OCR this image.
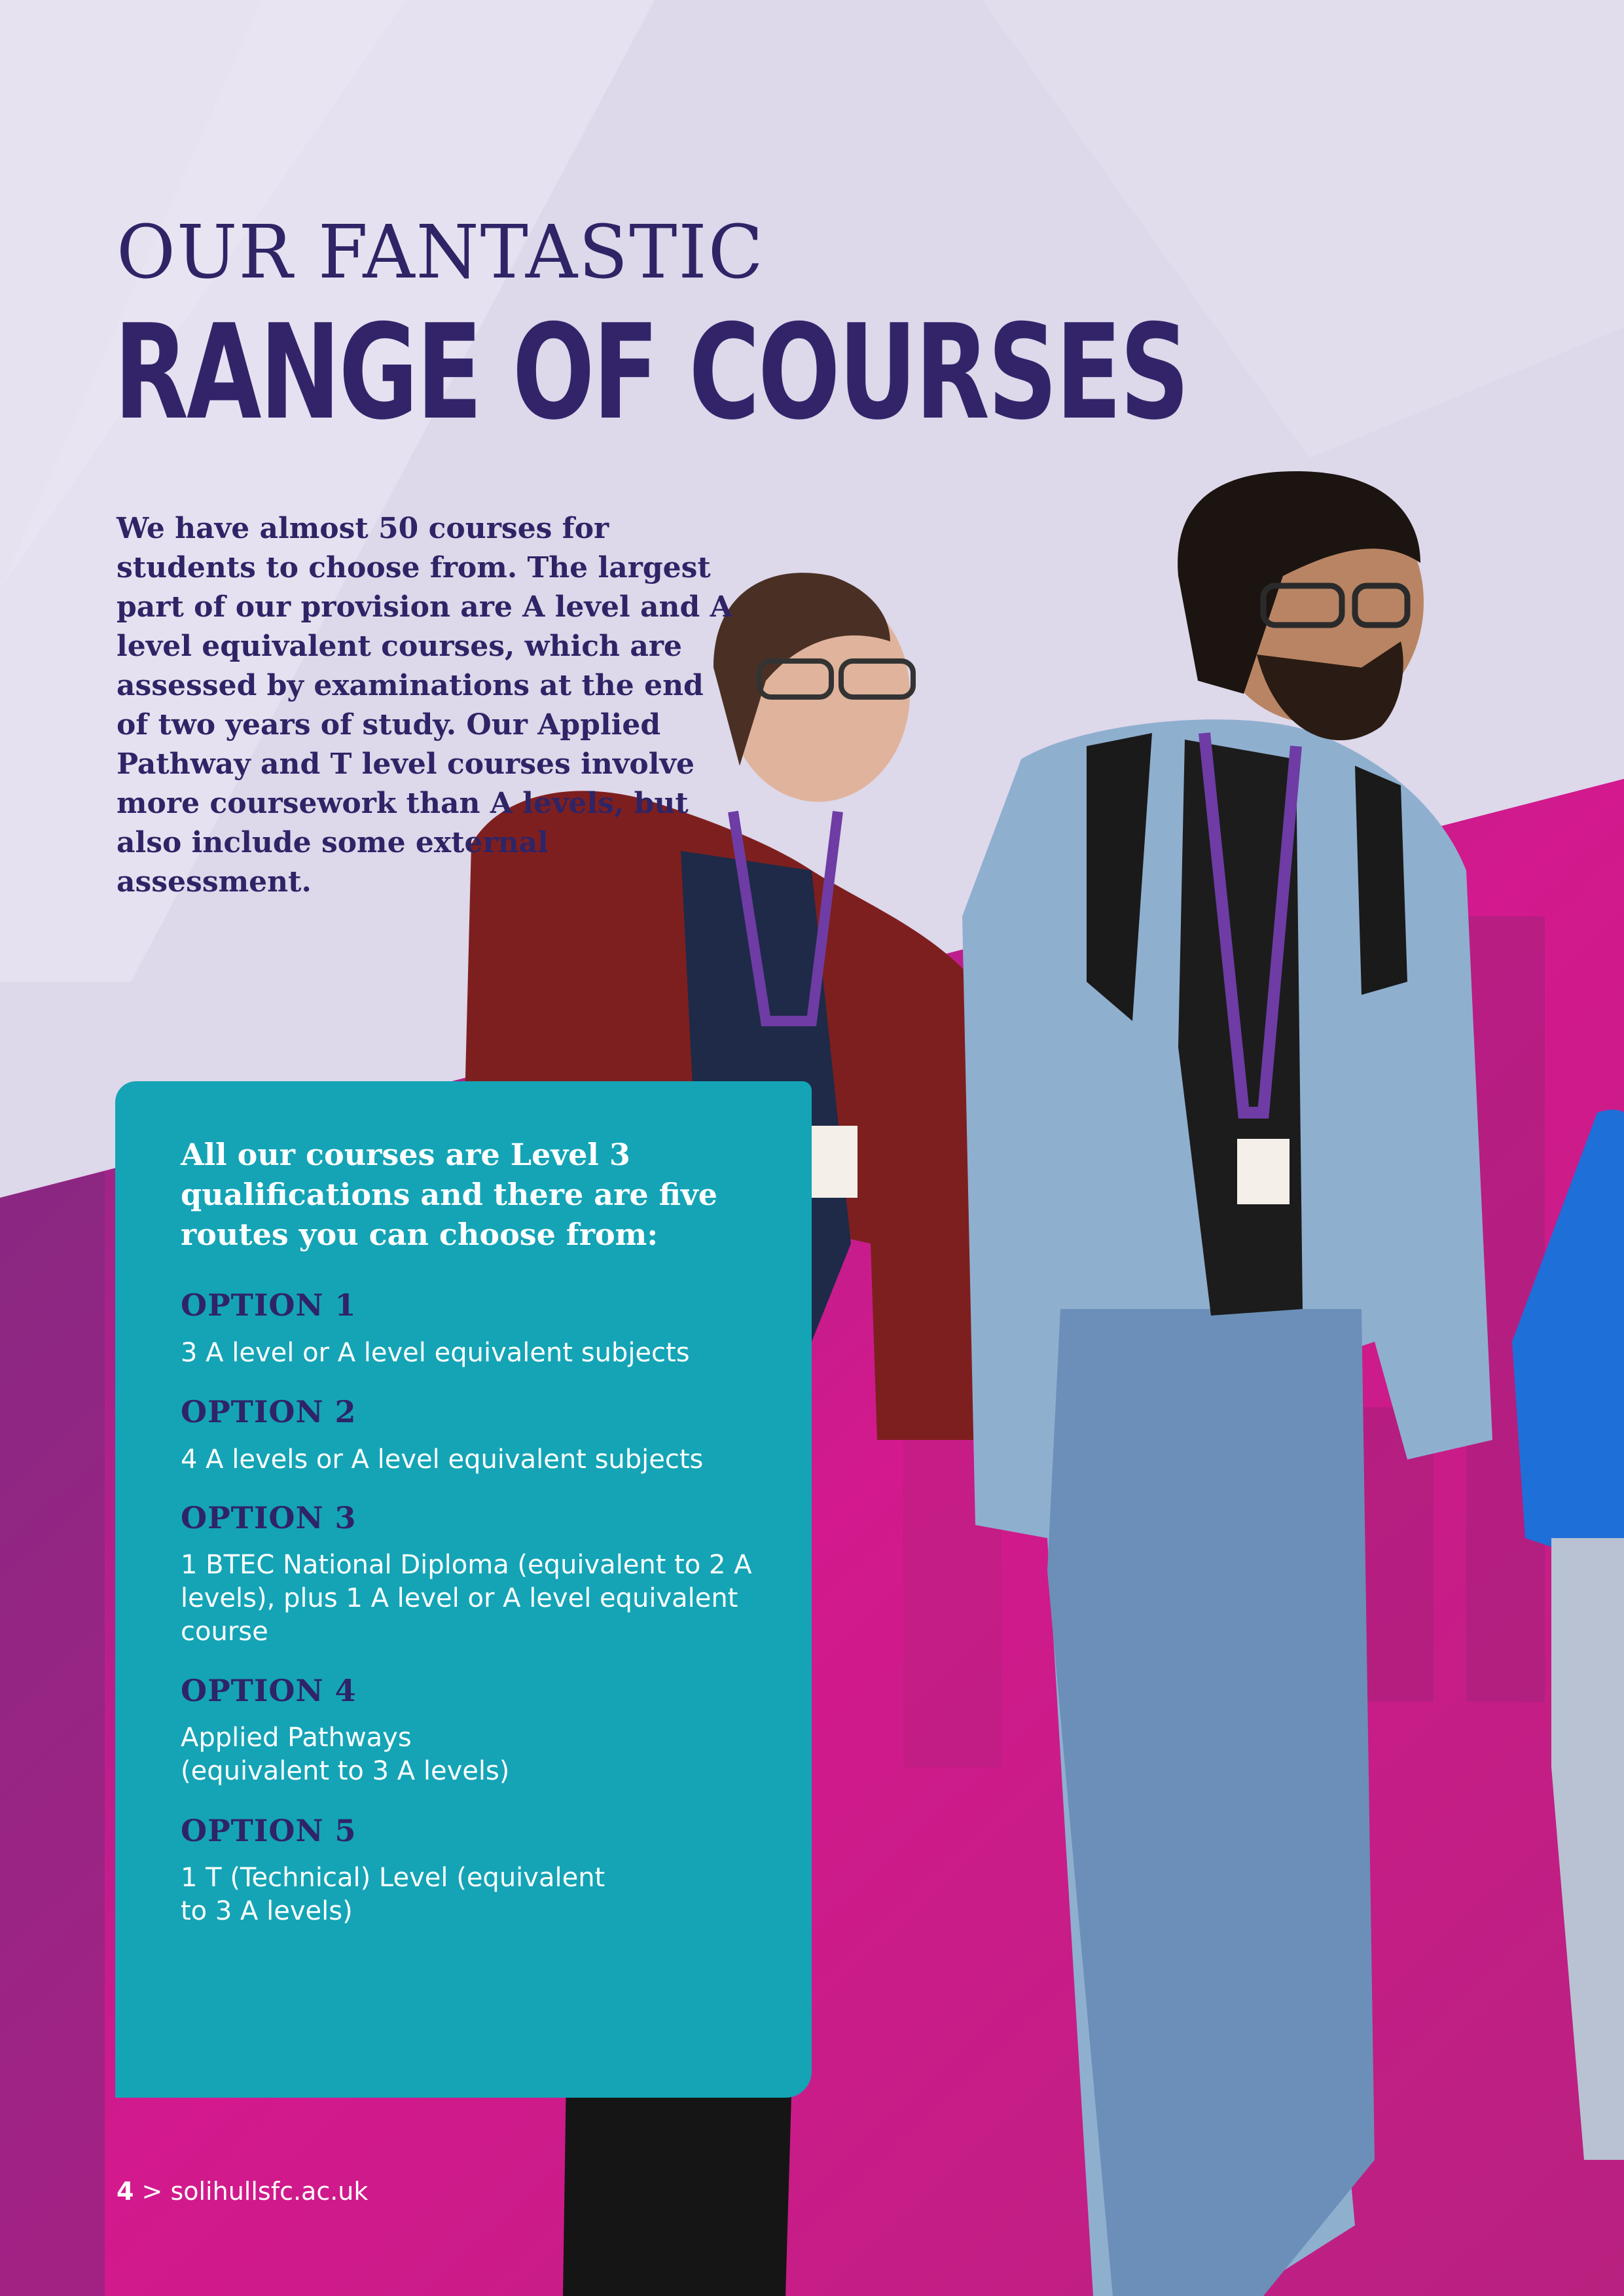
OUR FANTASTIC
RANGE OF COURSES

We have almost 50 courses for students to choose from. The largest part of our provision are A level and A level equivalent courses, which are assessed by examinations at the end of two years of study. Our Applied Pathway and T level courses involve more coursework than A levels, but also include some external assessment.

All our courses are Level 3 qualifications and there are five routes you can choose from:

OPTION 1

3 A level or A level equivalent subjects

OPTION 2

4 A levels or A level equivalent subjects

OPTION 3

1 BTEC National Diploma (equivalent to 2 A levels), plus 1 A level or A level equivalent course

OPTION 4

Applied Pathways (equivalent to 3 A levels)

OPTION 5

1 T (Technical) Level (equivalent to 3 A levels)

4 > solihullsfc.ac.uk
